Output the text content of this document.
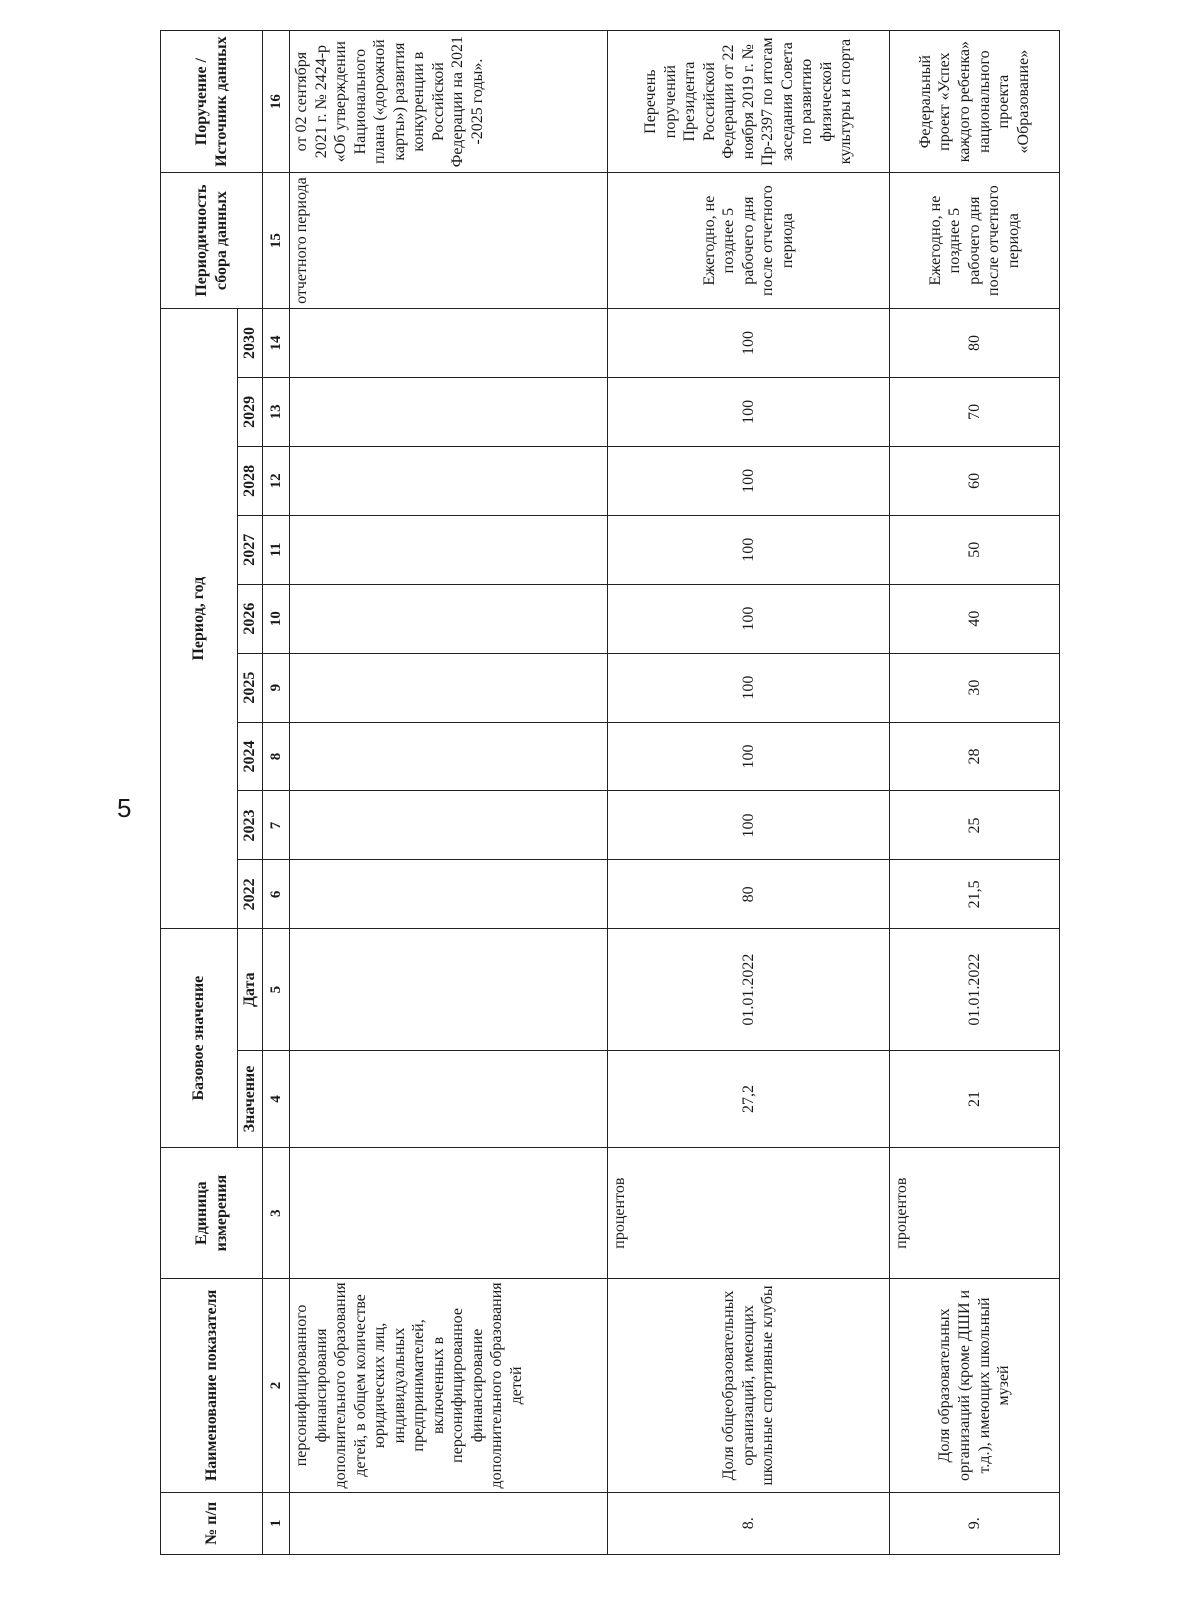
5
№ п/п	Наименование показателя	Единица измерения	Базовое значение		Период, год									Периодичность сбора данных	Поручение / Источник данных
			Значение	Дата	2022	2023	2024	2025	2026	2027	2028	2029	2030		
1	2	3	4	5	6	7	8	9	10	11	12	13	14	15	16
	персонифицированного финансирования дополнительного образования детей, в общем количестве юридических лиц, индивидуальных предпринимателей, включенных в персонифицированное финансирование дополнительного образования детей													отчетного периода	от 02 сентября 2021 г. № 2424-р «Об утверждении Национального плана («дорожной карты») развития конкуренции в Российской Федерации на 2021 -2025 годы».
8.	Доля общеобразовательных организаций, имеющих школьные спортивные клубы	процентов	27,2	01.01.2022	80	100	100	100	100	100	100	100	100	Ежегодно, не позднее 5 рабочего дня после отчетного периода	Перечень поручений Президента Российской Федерации от 22 ноября 2019 г. № Пр-2397 по итогам заседания Совета по развитию физической культуры и спорта
9.	Доля образовательных организаций (кроме ДШИ и т.д.), имеющих школьный музей	процентов	21	01.01.2022	21,5	25	28	30	40	50	60	70	80	Ежегодно, не позднее 5 рабочего дня после отчетного периода	Федеральный проект «Успех каждого ребенка» национального проекта «Образование»
